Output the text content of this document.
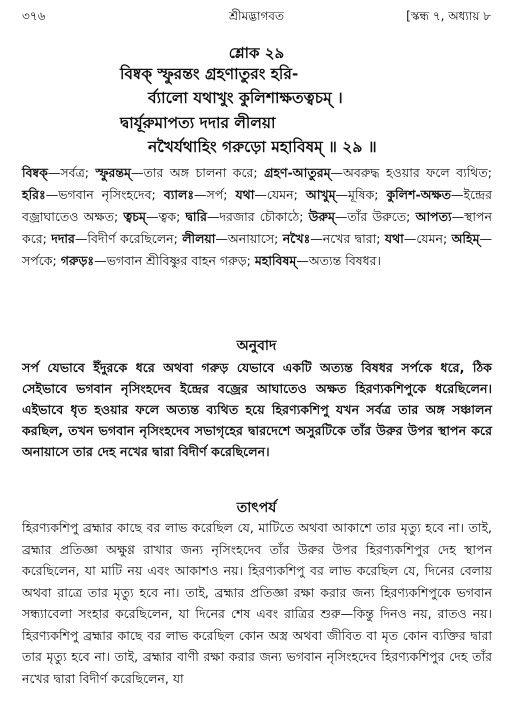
৩৭৬	শ্রীমদ্ভাগবত	[স্কন্ধ ৭, অধ্যায় ৮
শ্লোক ২৯
বিষ্বক্ স্ফুরন্তং গ্রহণাতুরং হরি-
র্ব্যালো যথাখুং কুলিশাক্ষতত্বচম্ ।
দ্বার্যূরুমাপত্য দদার লীলয়া
নখৈর্যথাহিং গরুড়ো মহাবিষম্ ॥ ২৯ ॥
বিষ্বক্—সর্বত্র; স্ফুরন্তম্—তার অঙ্গ চালনা করে; গ্রহণ-আতুরম্—অবরুদ্ধ হওয়ার ফলে ব্যথিত; হরিঃ—ভগবান নৃসিংহদেব; ব্যালঃ—সর্প; যথা—যেমন; আখুম্—মূষিক; কুলিশ-অক্ষত—ইন্দ্রের বজ্রাঘাতেও অক্ষত; ত্বচম্—ত্বক; দ্বারি—দরজার চৌকাঠে; উরুম্—তাঁর উরুতে; আপত্য—স্থাপন করে; দদার—বিদীর্ণ করেছিলেন; লীলয়া—অনায়াসে; নখৈঃ—নখের দ্বারা; যথা—যেমন; অহিম্—সর্পকে; গরুড়ঃ—ভগবান শ্রীবিষ্ণুর বাহন গরুড়; মহাবিষম্—অত্যন্ত বিষধর।
অনুবাদ
সর্প যেভাবে ইঁদুরকে ধরে অথবা গরুড় যেভাবে একটি অত্যন্ত বিষধর সর্পকে ধরে, ঠিক সেইভাবে ভগবান নৃসিংহদেব ইন্দ্রের বজ্রের আঘাতেও অক্ষত হিরণ্যকশিপুকে ধরেছিলেন। এইভাবে ধৃত হওয়ার ফলে অত্যন্ত ব্যথিত হয়ে হিরণ্যকশিপু যখন সর্বত্র তার অঙ্গ সঞ্চালন করছিল, তখন ভগবান নৃসিংহদেব সভাগৃহের দ্বারদেশে অসুরটিকে তাঁর উরুর উপর স্থাপন করে অনায়াসে তার দেহ নখের দ্বারা বিদীর্ণ করেছিলেন।
তাৎপর্য
হিরণ্যকশিপু ব্রহ্মার কাছে বর লাভ করেছিল যে, মাটিতে অথবা আকাশে তার মৃত্যু হবে না। তাই, ব্রহ্মার প্রতিজ্ঞা অক্ষুণ্ণ রাখার জন্য নৃসিংহদেব তাঁর উরুর উপর হিরণ্যকশিপুর দেহ স্থাপন করেছিলেন, যা মাটি নয় এবং আকাশও নয়। হিরণ্যকশিপু বর লাভ করেছিল যে, দিনের বেলায় অথবা রাত্রে তার মৃত্যু হবে না। তাই, ব্রহ্মার প্রতিজ্ঞা রক্ষা করার জন্য হিরণ্যকশিপুকে ভগবান সন্ধ্যাবেলা সংহার করেছিলেন, যা দিনের শেষ এবং রাত্রির শুরু—কিন্তু দিনও নয়, রাতও নয়। হিরণ্যকশিপু ব্রহ্মার কাছে বর লাভ করেছিল কোন অস্ত্র অথবা জীবিত বা মৃত কোন ব্যক্তির দ্বারা তার মৃত্যু হবে না। তাই, ব্রহ্মার বাণী রক্ষা করার জন্য ভগবান নৃসিংহদেব হিরণ্যকশিপুর দেহ তাঁর নখের দ্বারা বিদীর্ণ করেছিলেন, যা
